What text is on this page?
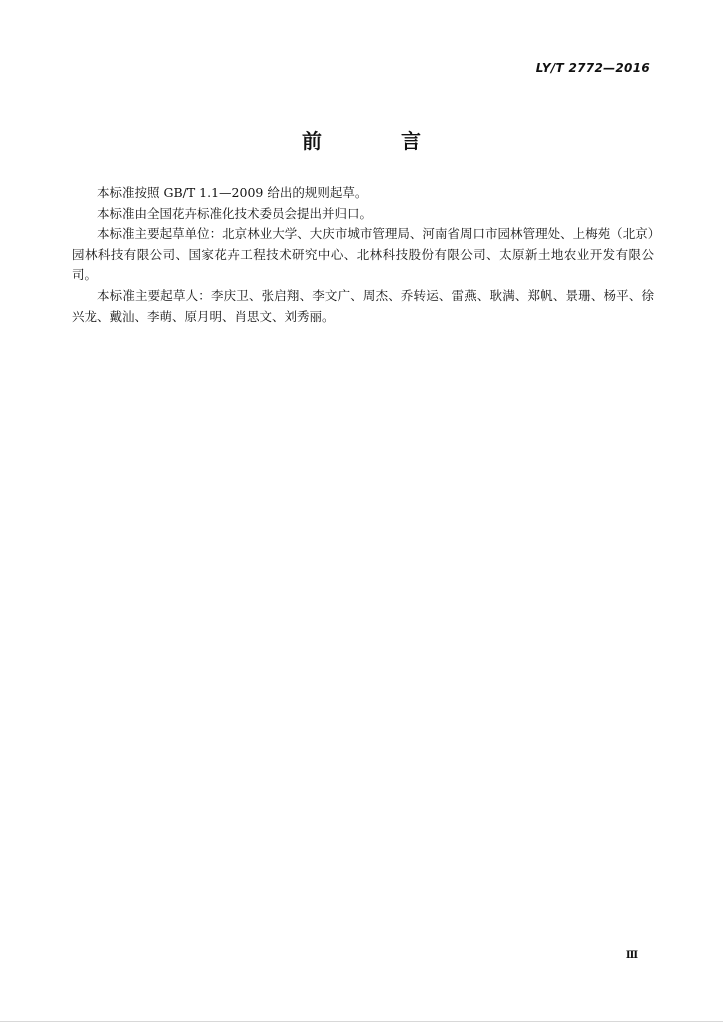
LY/T 2772—2016
前 言

本标准按照 GB/T 1.1—2009 给出的规则起草。

本标准由全国花卉标准化技术委员会提出并归口。

本标准主要起草单位：北京林业大学、大庆市城市管理局、河南省周口市园林管理处、上梅苑（北京）园林科技有限公司、国家花卉工程技术研究中心、北林科技股份有限公司、太原新土地农业开发有限公司。

本标准主要起草人：李庆卫、张启翔、李文广、周杰、乔转运、雷燕、耿满、郑帆、景珊、杨平、徐兴龙、戴汕、李萌、原月明、肖思文、刘秀丽。

Ⅲ
